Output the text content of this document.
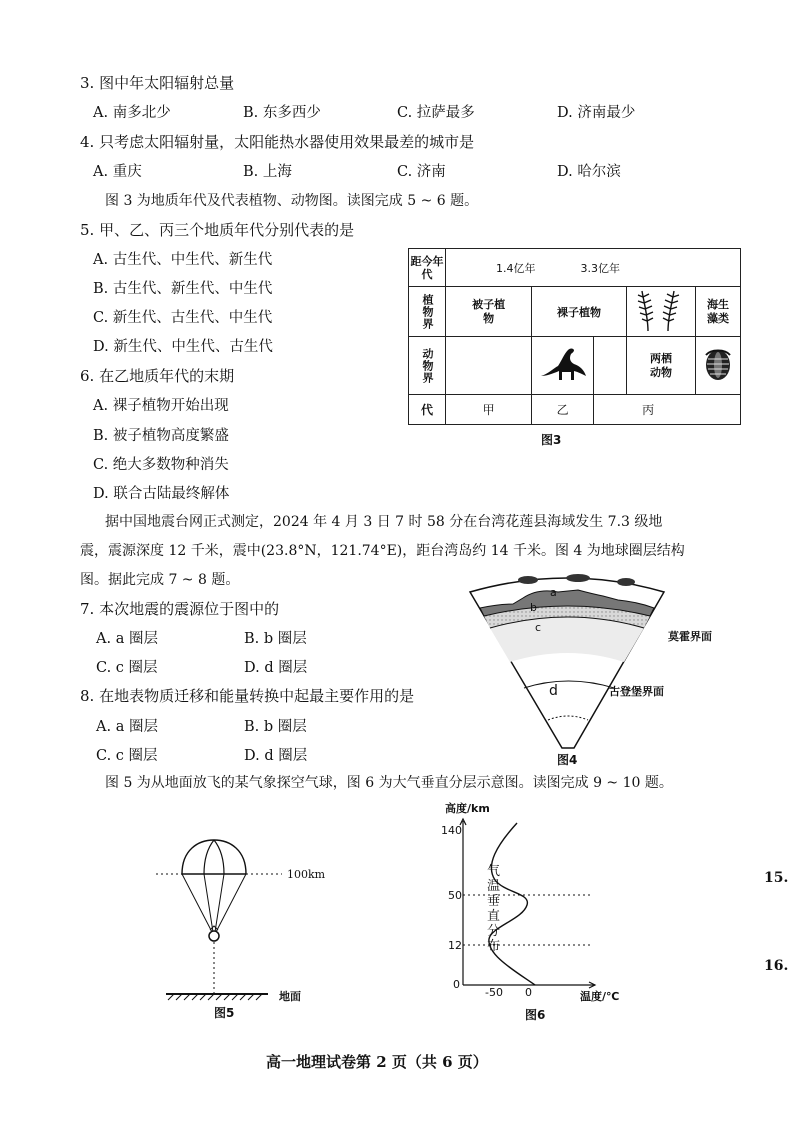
3. 图中年太阳辐射总量
A. 南多北少	B. 东多西少	C. 拉萨最多	D. 济南最少
4. 只考虑太阳辐射量，太阳能热水器使用效果最差的城市是
A. 重庆	B. 上海	C. 济南	D. 哈尔滨
图 3 为地质年代及代表植物、动物图。读图完成 5 ~ 6 题。
5. 甲、乙、丙三个地质年代分别代表的是
A. 古生代、中生代、新生代
B. 古生代、新生代、中生代
C. 新生代、古生代、中生代
D. 新生代、中生代、古生代
6. 在乙地质年代的末期
A. 裸子植物开始出现
B. 被子植物高度繁盛
C. 绝大多数物种消失
D. 联合古陆最终解体
距今年代	1.4亿年 3.3亿年				

植物界	被子植物	裸子植物			海生藻类

动物界				两栖动物

代	甲	乙	丙		
图3
据中国地震台网正式测定，2024 年 4 月 3 日 7 时 58 分在台湾花莲县海域发生 7.3 级地
震，震源深度 12 千米，震中(23.8°N，121.74°E)，距台湾岛约 14 千米。图 4 为地球圈层结构
图。据此完成 7 ~ 8 题。
7. 本次地震的震源位于图中的
A. a 圈层	B. b 圈层
C. c 圈层	D. d 圈层
8. 在地表物质迁移和能量转换中起最主要作用的是
A. a 圈层	B. b 圈层
C. c 圈层	D. d 圈层
a
b
c
莫霍界面
d	古登堡界面
图4
图 5 为从地面放飞的某气象探空气球，图 6 为大气垂直分层示意图。读图完成 9 ~ 10 题。
100km
地面
图5
高度/km
140
50
12
0
-50 0	温度/℃
气温垂直分布
图6
15.
16.
高一地理试卷第 2 页（共 6 页）
